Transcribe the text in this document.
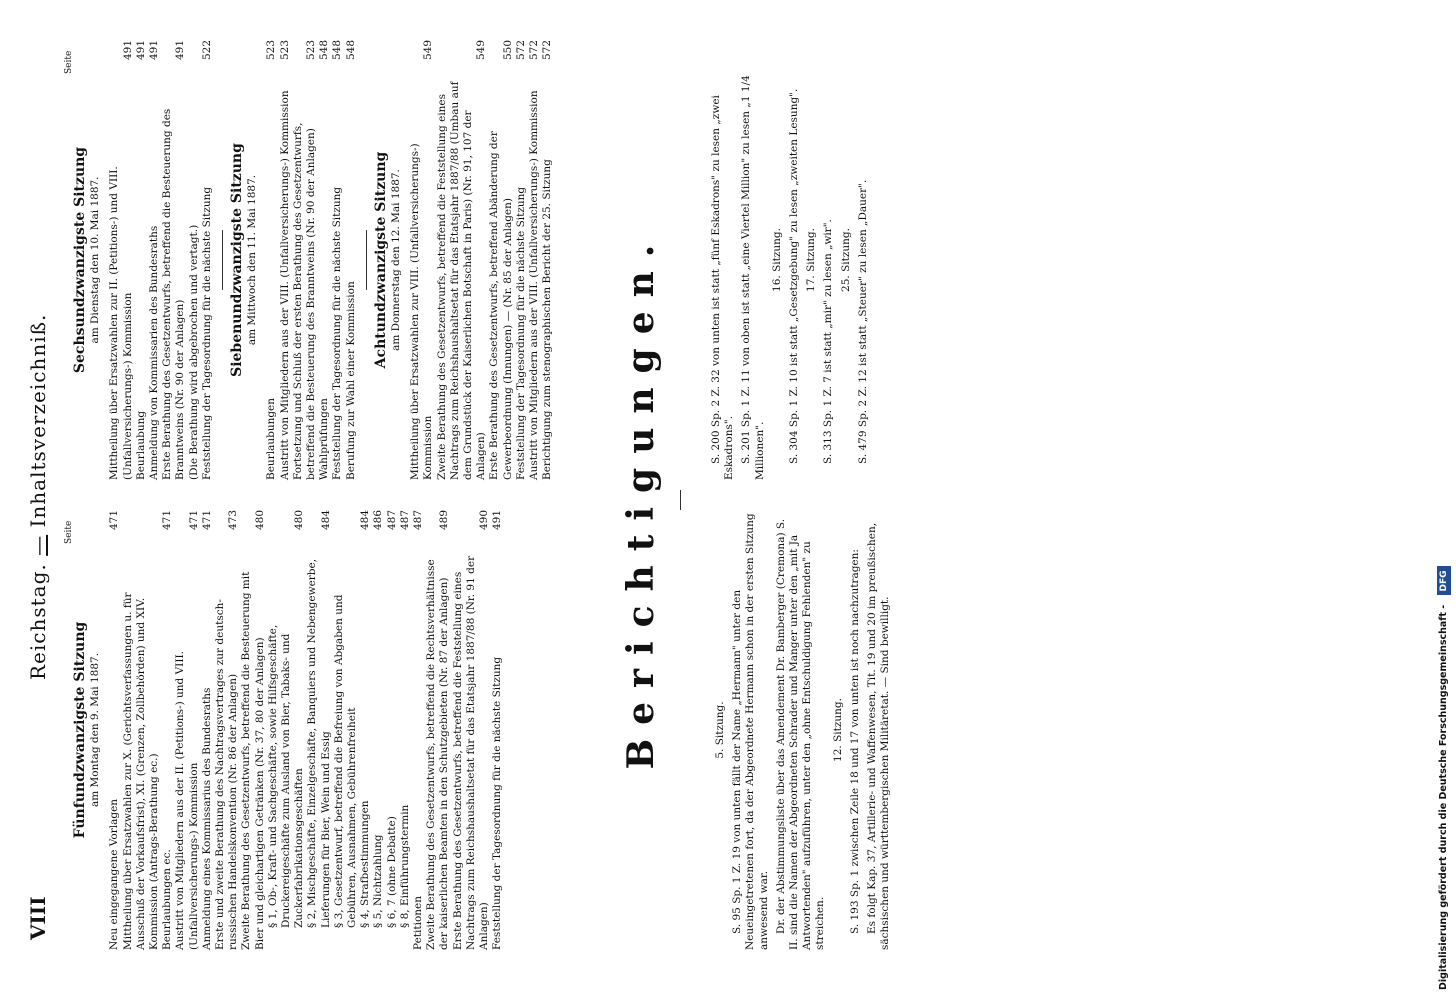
VIII
Reichstag. — Inhaltsverzeichniß.
Seite
Seite
Fünfundzwanzigste Sitzung am Montag den 9. Mai 1887.
Neu eingegangene Vorlagen
471
Mittheilung über Ersatzwahlen zur X. (Gerichtsverfassungen u. für Ausschuß der Vorkaufsfrist), XI. (Grenzen, Zollbehörden) und XIV. Kommission (Antrags-Berathung ec.) Beurlaubungen ec.
471
Austritt von Mitgliedern aus der II. (Petitions-) und VIII. (Unfallversicherungs-) Kommission
471
Anmeldung eines Kommissarius des Bundesraths
471
Erste und zweite Berathung des Nachtragsvertrages zur deutsch-russischen Handelskonvention (Nr. 86 der Anlagen)
473
Zweite Berathung des Gesetzentwurfs, betreffend die Besteuerung mit Bier und gleichartigen Getränken (Nr. 37, 80 der Anlagen)
480
§ 1, Ob-, Kraft- und Sachgeschäfte, sowie Hilfsgeschäfte, Druckereigeschäfte zum Ausland von Bier, Tabaks- und Zuckerfabrikationsgeschäften
480
§ 2, Mischgeschäfte, Einzelgeschäfte, Banquiers und Nebengewerbe, Lieferungen für Bier, Wein und Essig
484
§ 3, Gesetzentwurf, betreffend die Befreiung von Abgaben und Gebühren, Ausnahmen, Gebührenfreiheit § 4, Strafbestimmungen
484
§ 5, Nichtzahlung
486
§ 6, 7 (ohne Debatte)
487
§ 8, Einführungstermin
487
Petitionen
487
Zweite Berathung des Gesetzentwurfs, betreffend die Rechtsverhältnisse der kaiserlichen Beamten in den Schutzgebieten (Nr. 87 der Anlagen)
489
Erste Berathung des Gesetzentwurfs, betreffend die Feststellung eines Nachtrags zum Reichshaushaltsetat für das Etatsjahr 1887/88 (Nr. 91 der Anlagen)
490
Feststellung der Tagesordnung für die nächste Sitzung
491
Sechsundzwanzigste Sitzung am Dienstag den 10. Mai 1887. Mittheilung über Ersatzwahlen zur II. (Petitions-) und VIII. (Unfallversicherungs-) Kommission
491
Beurlaubung
491
Anmeldung von Kommissarien des Bundesraths
491
Erste Berathung des Gesetzentwurfs, betreffend die Besteuerung des Branntweins (Nr. 90 der Anlagen)
491
(Die Berathung wird abgebrochen und vertagt.) Feststellung der Tagesordnung für die nächste Sitzung
522
Siebenundzwanzigste Sitzung am Mittwoch den 11. Mai 1887.
Beurlaubungen
523
Austritt von Mitgliedern aus der VIII. (Unfallversicherungs-) Kommission
523
Fortsetzung und Schluß der ersten Berathung des Gesetzentwurfs, betreffend die Besteuerung des Branntweins (Nr. 90 der Anlagen)
523
Wahlprüfungen
548
Feststellung der Tagesordnung für die nächste Sitzung
548
Berufung zur Wahl einer Kommission
548
Achtundzwanzigste Sitzung am Donnerstag den 12. Mai 1887. Mittheilung über Ersatzwahlen zur VIII. (Unfallversicherungs-) Kommission
549
Zweite Berathung des Gesetzentwurfs, betreffend die Feststellung eines Nachtrags zum Reichshaushaltsetat für das Etatsjahr 1887/88 (Umbau auf dem Grundstück der Kaiserlichen Botschaft in Paris) (Nr. 91, 107 der Anlagen)
549
Erste Berathung des Gesetzentwurfs, betreffend Abänderung der Gewerbeordnung (Innungen) — (Nr. 85 der Anlagen)
550
Feststellung der Tagesordnung für die nächste Sitzung
572
Austritt von Mitgliedern aus der VIII. (Unfallversicherungs-) Kommission
572
Berichtigung zum stenographischen Bericht der 25. Sitzung
572
Berichtigungen.	5. Sitzung. S. 95 Sp. 1 Z. 19 von unten fällt der Name „Hermann" unter den Neueingetretenen fort, da der Abgeordnete Hermann schon in der ersten Sitzung anwesend war. Dr. der Abstimmungsliste über das Amendement Dr. Bamberger (Cremona) S. II. sind die Namen der Abgeordneten Schrader und Manger unter den „mit Ja Antwortenden" aufzuführen, unter den „ohne Entschuldigung Fehlenden" zu streichen.

12. Sitzung. S. 193 Sp. 1 zwischen Zeile 18 und 17 von unten ist noch nachzutragen: Es folgt Kap. 37, Artillerie- und Waffenwesen, Tit. 19 und 20 im preußischen, sächsischen und württembergischen Militäretat. — Sind bewilligt.

S. 200 Sp. 2 Z. 32 von unten ist statt „fünf Eskadrons" zu lesen „zwei Eskadrons". S. 201 Sp. 1 Z. 11 von oben ist statt „eine Viertel Million" zu lesen „1 1/4 Millionen".

16. Sitzung. S. 304 Sp. 1 Z. 10 ist statt „Gesetzgebung" zu lesen „zweiten Lesung". 17. Sitzung. S. 313 Sp. 1 Z. 7 ist statt „mir" zu lesen „wir". 25. Sitzung. S. 479 Sp. 2 Z. 12 ist statt „Steuer" zu lesen „Dauer".

Digitalisierung gefördert durch die Deutsche Forschungsgemeinschaft - DFG
